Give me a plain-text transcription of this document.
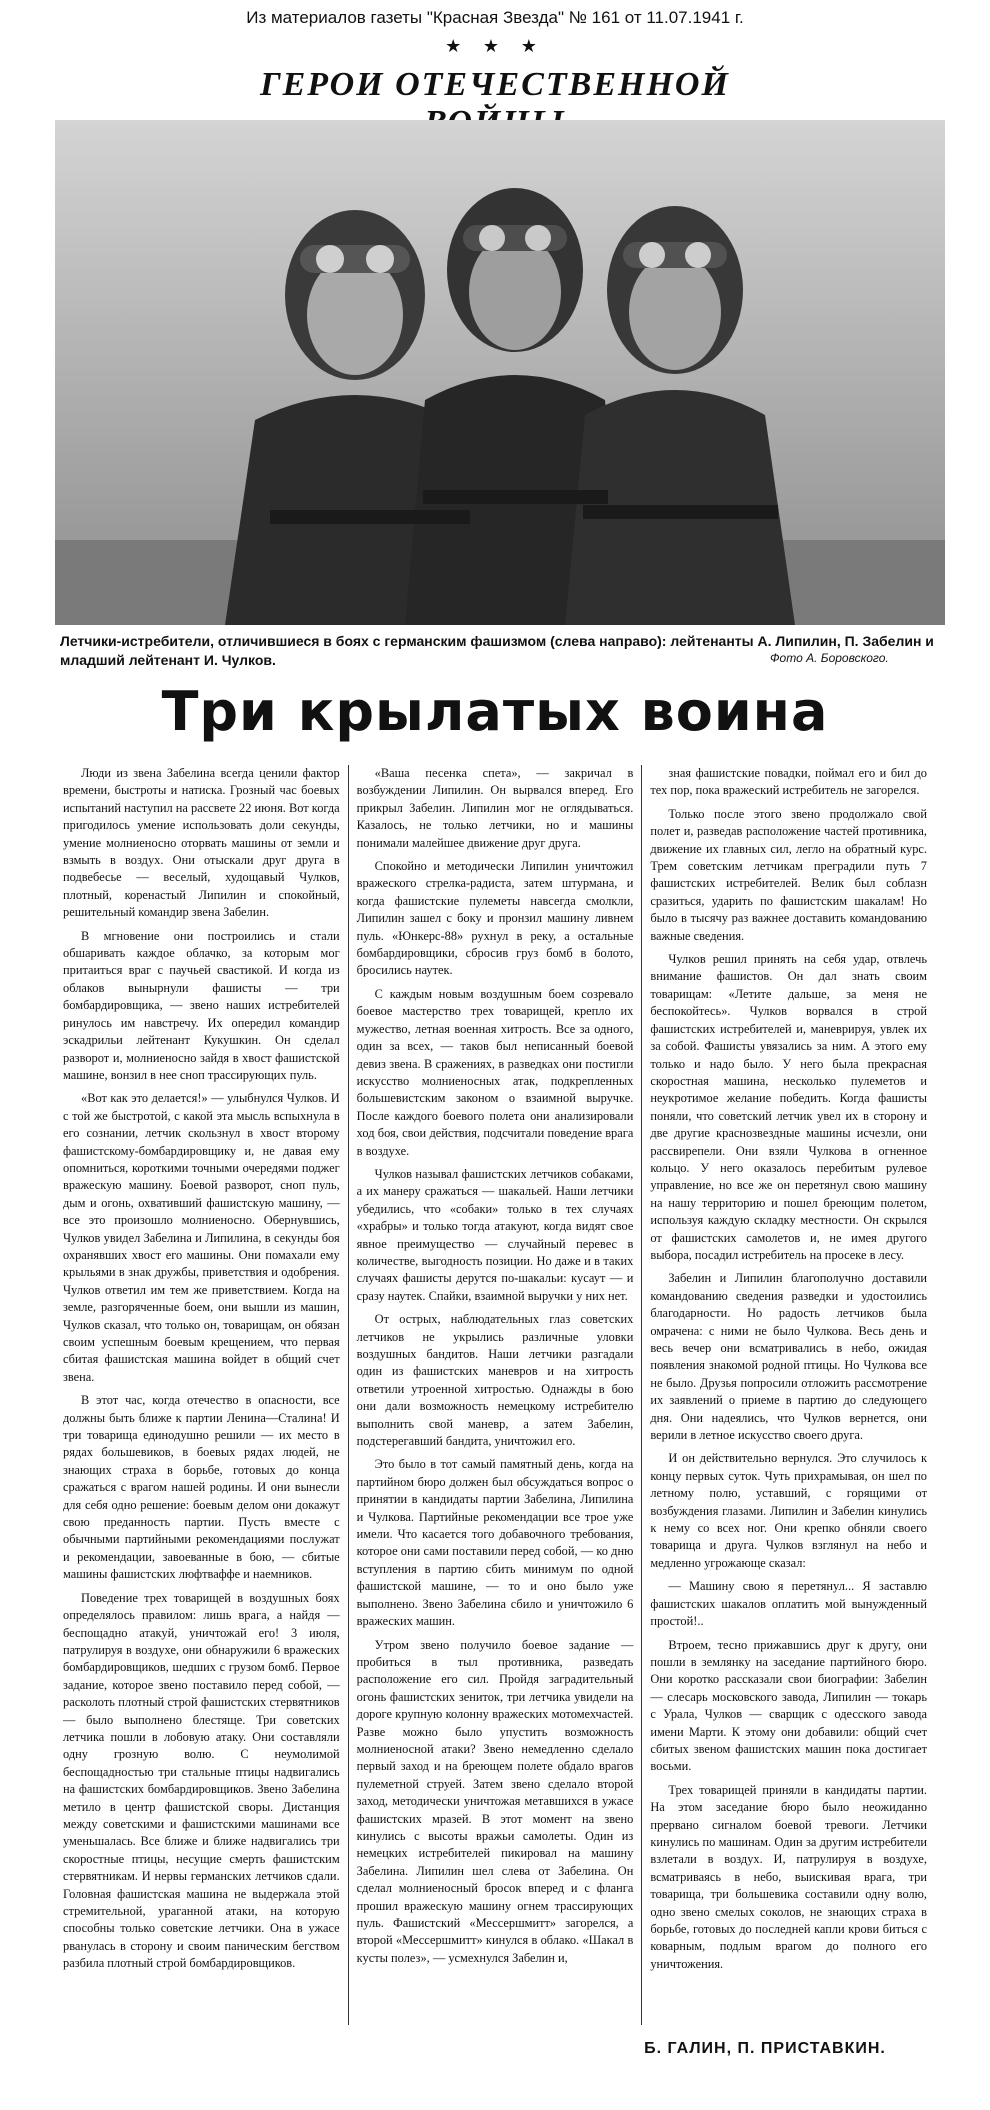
Из материалов газеты "Красная Звезда" № 161 от 11.07.1941 г.
★ ★ ★
ГЕРОИ ОТЕЧЕСТВЕННОЙ
Летчики-истребители, отличившиеся в боях с германским фашизмом (слева направо): лейтенанты А. Липилин, П. Забелин и младший лейтенант И. Чулков.	Фото А. Боровского.
Три крылатых воина

Люди из звена Забелина всегда ценили фактор времени, быстроты и натиска. Грозный час боевых испытаний наступил на рассвете 22 июня. Вот когда пригодилось умение использовать доли секунды, умение молниеносно оторвать машины от земли и взмыть в воздух. Они отыскали друг друга в подвебесье — веселый, худощавый Чулков, плотный, коренастый Липилин и спокойный, решительный командир звена Забелин.

В мгновение они построились и стали обшаривать каждое облачко, за которым мог притаиться враг с паучьей свастикой. И когда из облаков вынырнули фашисты — три бомбардировщика, — звено наших истребителей ринулось им навстречу. Их опередил командир эскадрильи лейтенант Кукушкин. Он сделал разворот и, молниеносно зайдя в хвост фашистской машине, вонзил в нее сноп трассирующих пуль.

«Вот как это делается!» — улыбнулся Чулков. И с той же быстротой, с какой эта мысль вспыхнула в его сознании, летчик скользнул в хвост второму фашистскому-бомбардировщику и, не давая ему опомниться, короткими точными очередями поджег вражескую машину. Боевой разворот, сноп пуль, дым и огонь, охвативший фашистскую машину, — все это произошло молниеносно. Обернувшись, Чулков увидел Забелина и Липилина, в секунды боя охранявших хвост его машины. Они помахали ему крыльями в знак дружбы, приветствия и одобрения. Чулков ответил им тем же приветствием. Когда на земле, разгоряченные боем, они вышли из машин, Чулков сказал, что только он, товарищам, он обязан своим успешным боевым крещением, что первая сбитая фашистская машина войдет в общий счет звена.

В этот час, когда отечество в опасности, все должны быть ближе к партии Ленина—Сталина! И три товарища единодушно решили — их место в рядах большевиков, в боевых рядах людей, не знающих страха в борьбе, готовых до конца сражаться с врагом нашей родины. И они вынесли для себя одно решение: боевым делом они докажут свою преданность партии. Пусть вместе с обычными партийными рекомендациями послужат и рекомендации, завоеванные в бою, — сбитые машины фашистских люфтваффе и наемников.

Поведение трех товарищей в воздушных боях определялось правилом: лишь врага, а найдя — беспощадно атакуй, уничтожай его! 3 июля, патрулируя в воздухе, они обнаружили 6 вражеских бомбардировщиков, шедших с грузом бомб. Первое задание, которое звено поставило перед собой, — расколоть плотный строй фашистских стервятников — было выполнено блестяще. Три советских летчика пошли в лобовую атаку. Они составляли одну грозную волю. С неумолимой беспощадностью три стальные птицы надвигались на фашистских бомбардировщиков. Звено Забелина метило в центр фашистской своры. Дистанция между советскими и фашистскими машинами все уменьшалась. Все ближе и ближе надвигались три скоростные птицы, несущие смерть фашистским стервятникам. И нервы германских летчиков сдали. Головная фашистская машина не выдержала этой стремительной, ураганной атаки, на которую способны только советские летчики. Она в ужасе рванулась в сторону и своим паническим бегством разбила плотный строй бомбардировщиков.

«Ваша песенка спета», — закричал в возбуждении Липилин. Он вырвался вперед. Его прикрыл Забелин. Липилин мог не оглядываться. Казалось, не только летчики, но и машины понимали малейшее движение друг друга.

Спокойно и методически Липилин уничтожил вражеского стрелка-радиста, затем штурмана, и когда фашистские пулеметы навсегда смолкли, Липилин зашел с боку и пронзил машину ливнем пуль. «Юнкерс-88» рухнул в реку, а остальные бомбардировщики, сбросив груз бомб в болото, бросились наутек.

С каждым новым воздушным боем созревало боевое мастерство трех товарищей, крепло их мужество, летная военная хитрость. Все за одного, один за всех, — таков был неписанный боевой девиз звена. В сражениях, в разведках они постигли искусство молниеносных атак, подкрепленных большевистским законом о взаимной выручке. После каждого боевого полета они анализировали ход боя, свои действия, подсчитали поведение врага в воздухе.

Чулков называл фашистских летчиков собаками, а их манеру сражаться — шакальей. Наши летчики убедились, что «собаки» только в тех случаях «храбры» и только тогда атакуют, когда видят свое явное преимущество — случайный перевес в количестве, выгодность позиции. Но даже и в таких случаях фашисты дерутся по-шакальи: кусаут — и сразу наутек. Спайки, взаимной выручки у них нет.

От острых, наблюдательных глаз советских летчиков не укрылись различные уловки воздушных бандитов. Наши летчики разгадали один из фашистских маневров и на хитрость ответили утроенной хитростью. Однажды в бою они дали возможность немецкому истребителю выполнить свой маневр, а затем Забелин, подстерегавший бандита, уничтожил его.

Это было в тот самый памятный день, когда на партийном бюро должен был обсуждаться вопрос о принятии в кандидаты партии Забелина, Липилина и Чулкова. Партийные рекомендации все трое уже имели. Что касается того добавочного требования, которое они сами поставили перед собой, — ко дню вступления в партию сбить минимум по одной фашистской машине, — то и оно было уже выполнено. Звено Забелина сбило и уничтожило 6 вражеских машин.

Утром звено получило боевое задание — пробиться в тыл противника, разведать расположение его сил. Пройдя заградительный огонь фашистских зениток, три летчика увидели на дороге крупную колонну вражеских мотомехчастей. Разве можно было упустить возможность молниеносной атаки? Звено немедленно сделало первый заход и на бреющем полете обдало врагов пулеметной струей. Затем звено сделало второй заход, методически уничтожая метавшихся в ужасе фашистских мразей. В этот момент на звено кинулись с высоты вражьи самолеты. Один из немецких истребителей пикировал на машину Забелина. Липилин шел слева от Забелина. Он сделал молниеносный бросок вперед и с фланга прошил вражескую машину огнем трассирующих пуль. Фашистский «Мессершмитт» загорелся, а второй «Мессершмитт» кинулся в облако. «Шакал в кусты полез», — усмехнулся Забелин и,

зная фашистские повадки, поймал его и бил до тех пор, пока вражеский истребитель не загорелся.

Только после этого звено продолжало свой полет и, разведав расположение частей противника, движение их главных сил, легло на обратный курс. Трем советским летчикам преградили путь 7 фашистских истребителей. Велик был соблазн сразиться, ударить по фашистским шакалам! Но было в тысячу раз важнее доставить командованию важные сведения.

Чулков решил принять на себя удар, отвлечь внимание фашистов. Он дал знать своим товарищам: «Летите дальше, за меня не беспокойтесь». Чулков ворвался в строй фашистских истребителей и, маневрируя, увлек их за собой. Фашисты увязались за ним. А этого ему только и надо было. У него была прекрасная скоростная машина, несколько пулеметов и неукротимое желание победить. Когда фашисты поняли, что советский летчик увел их в сторону и две другие краснозвездные машины исчезли, они рассвирепели. Они взяли Чулкова в огненное кольцо. У него оказалось перебитым рулевое управление, но все же он перетянул свою машину на нашу территорию и пошел бреющим полетом, используя каждую складку местности. Он скрылся от фашистских самолетов и, не имея другого выбора, посадил истребитель на просеке в лесу.

Забелин и Липилин благополучно доставили командованию сведения разведки и удостоились благодарности. Но радость летчиков была омрачена: с ними не было Чулкова. Весь день и весь вечер они всматривались в небо, ожидая появления знакомой родной птицы. Но Чулкова все не было. Друзья попросили отложить рассмотрение их заявлений о приеме в партию до следующего дня. Они надеялись, что Чулков вернется, они верили в летное искусство своего друга.

И он действительно вернулся. Это случилось к концу первых суток. Чуть прихрамывая, он шел по летному полю, уставший, с горящими от возбуждения глазами. Липилин и Забелин кинулись к нему со всех ног. Они крепко обняли своего товарища и друга. Чулков взглянул на небо и медленно угрожающе сказал:

— Машину свою я перетянул... Я заставлю фашистских шакалов оплатить мой вынужденный простой!..

Втроем, тесно прижавшись друг к другу, они пошли в землянку на заседание партийного бюро. Они коротко рассказали свои биографии: Забелин — слесарь московского завода, Липилин — токарь с Урала, Чулков — сварщик с одесского завода имени Марти. К этому они добавили: общий счет сбитых звеном фашистских машин пока достигает восьми.

Трех товарищей приняли в кандидаты партии. На этом заседание бюро было неожиданно прервано сигналом боевой тревоги. Летчики кинулись по машинам. Один за другим истребители взлетали в воздух. И, патрулируя в воздухе, всматриваясь в небо, выискивая врага, три товарища, три большевика составили одну волю, одно звено смелых соколов, не знающих страха в борьбе, готовых до последней капли крови биться с коварным, подлым врагом до полного его уничтожения.

Б. ГАЛИН, П. ПРИСТАВКИН.
